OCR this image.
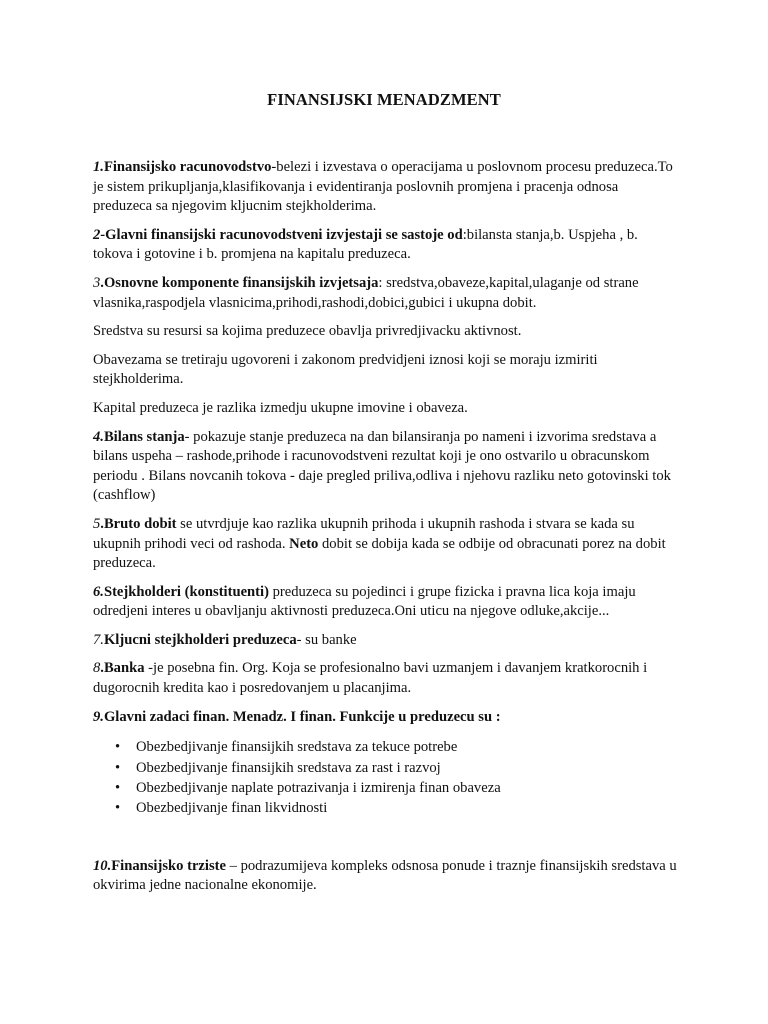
FINANSIJSKI MENADZMENT

1.Finansijsko racunovodstvo-belezi i izvestava o operacijama u poslovnom procesu preduzeca.To je sistem prikupljanja,klasifikovanja i evidentiranja poslovnih promjena i pracenja odnosa preduzeca sa njegovim kljucnim stejkholderima.

2-Glavni finansijski racunovodstveni izvjestaji se sastoje od:bilansta stanja,b. Uspjeha , b. tokova i gotovine i b. promjena na kapitalu preduzeca.

3.Osnovne komponente finansijskih izvjetsaja: sredstva,obaveze,kapital,ulaganje od strane vlasnika,raspodjela vlasnicima,prihodi,rashodi,dobici,gubici i ukupna dobit.

Sredstva su resursi sa kojima preduzece obavlja privredjivacku aktivnost.

Obavezama se tretiraju ugovoreni i zakonom predvidjeni iznosi koji se moraju izmiriti stejkholderima.

Kapital preduzeca je razlika izmedju ukupne imovine i obaveza.

4.Bilans stanja- pokazuje stanje preduzeca na dan bilansiranja po nameni i izvorima sredstava a bilans uspeha – rashode,prihode i racunovodstveni rezultat koji je ono ostvarilo u obracunskom periodu . Bilans novcanih tokova - daje pregled priliva,odliva i njehovu razliku neto gotovinski tok (cashflow)

5.Bruto dobit se utvrdjuje kao razlika ukupnih prihoda i ukupnih rashoda i stvara se kada su ukupnih prihodi veci od rashoda. Neto dobit se dobija kada se odbije od obracunati porez na dobit preduzeca.

6.Stejkholderi (konstituenti) preduzeca su pojedinci i grupe fizicka i pravna lica koja imaju odredjeni interes u obavljanju aktivnosti preduzeca.Oni uticu na njegove odluke,akcije...

7.Kljucni stejkholderi preduzeca- su banke

8.Banka -je posebna fin. Org. Koja se profesionalno bavi uzmanjem i davanjem kratkorocnih i dugorocnih kredita kao i posredovanjem u placanjima.

9.Glavni zadaci finan. Menadz. I finan. Funkcije u preduzecu su :

• Obezbedjivanje finansijkih sredstava za tekuce potrebe
• Obezbedjivanje finansijkih sredstava za rast i razvoj
• Obezbedjivanje naplate potrazivanja i izmirenja finan obaveza
• Obezbedjivanje finan likvidnosti

10.Finansijsko trziste – podrazumijeva kompleks odsnosa ponude i traznje finansijskih sredstava u okvirima jedne nacionalne ekonomije.
